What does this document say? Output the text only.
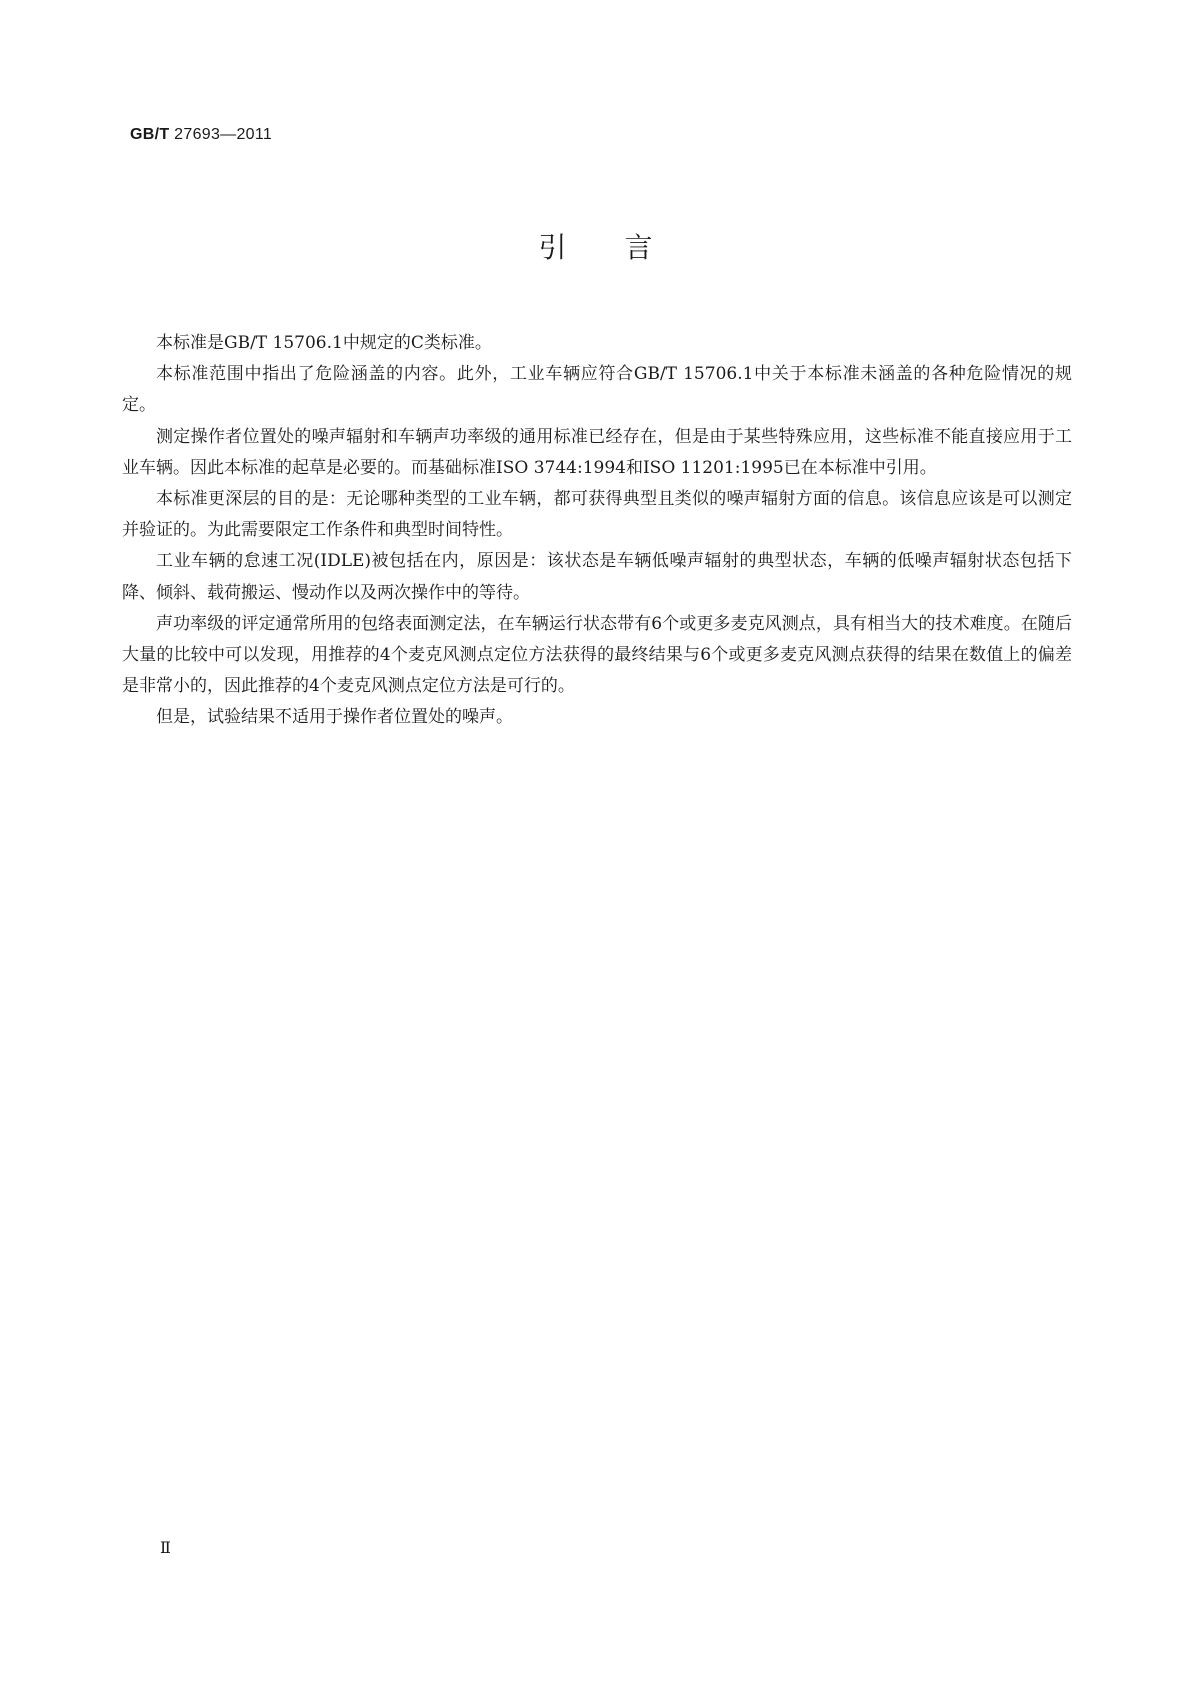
GB/T 27693—2011
引言

本标准是GB/T 15706.1中规定的C类标准。

本标准范围中指出了危险涵盖的内容。此外，工业车辆应符合GB/T 15706.1中关于本标准未涵盖的各种危险情况的规定。

测定操作者位置处的噪声辐射和车辆声功率级的通用标准已经存在，但是由于某些特殊应用，这些标准不能直接应用于工业车辆。因此本标准的起草是必要的。而基础标准ISO 3744:1994和ISO 11201:1995已在本标准中引用。

本标准更深层的目的是：无论哪种类型的工业车辆，都可获得典型且类似的噪声辐射方面的信息。该信息应该是可以测定并验证的。为此需要限定工作条件和典型时间特性。

工业车辆的怠速工况(IDLE)被包括在内，原因是：该状态是车辆低噪声辐射的典型状态，车辆的低噪声辐射状态包括下降、倾斜、载荷搬运、慢动作以及两次操作中的等待。

声功率级的评定通常所用的包络表面测定法，在车辆运行状态带有6个或更多麦克风测点，具有相当大的技术难度。在随后大量的比较中可以发现，用推荐的4个麦克风测点定位方法获得的最终结果与6个或更多麦克风测点获得的结果在数值上的偏差是非常小的，因此推荐的4个麦克风测点定位方法是可行的。

但是，试验结果不适用于操作者位置处的噪声。

Ⅱ
